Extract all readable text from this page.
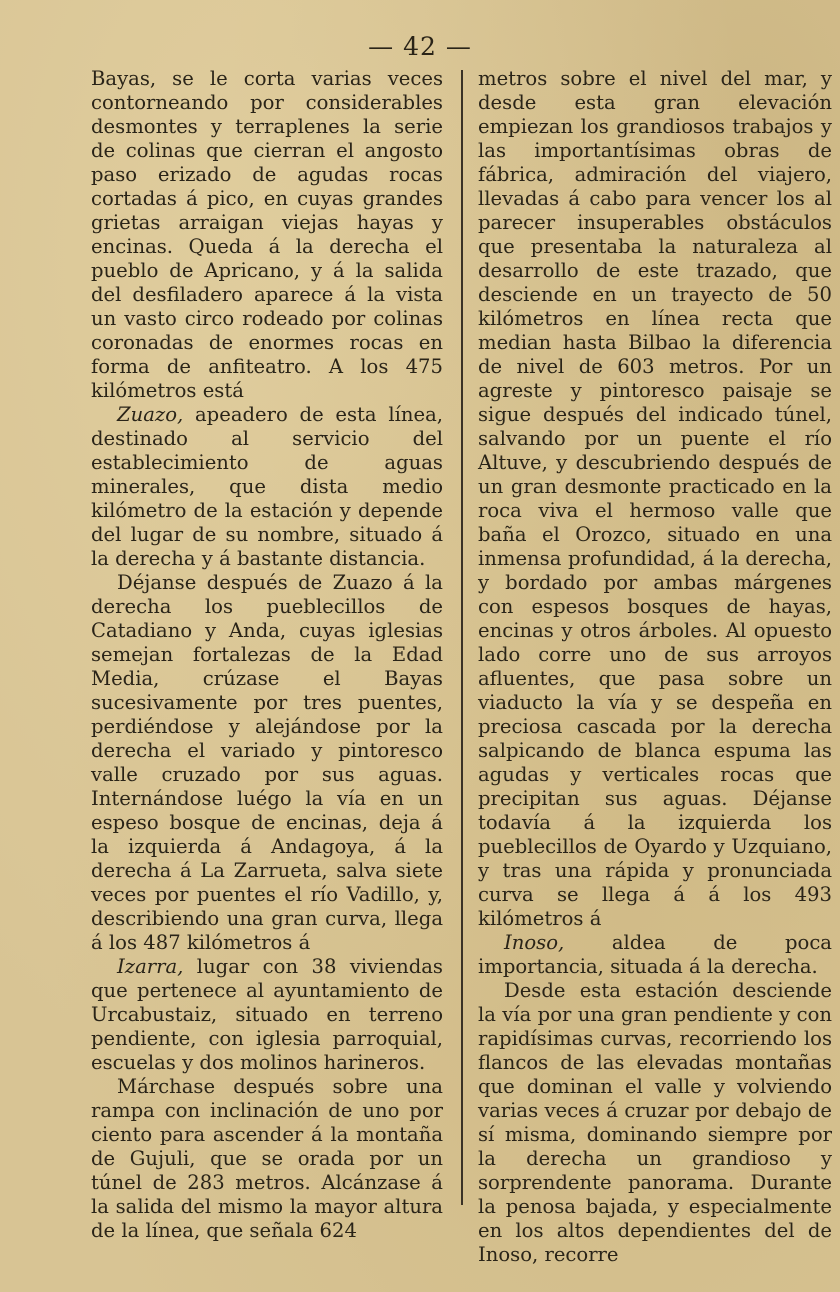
— 42 —

Bayas, se le corta varias veces contorneando por considerables desmontes y terraplenes la serie de colinas que cierran el angosto paso erizado de agudas rocas cortadas á pico, en cuyas grandes grietas arraigan viejas hayas y encinas. Queda á la derecha el pueblo de Apricano, y á la salida del desfiladero aparece á la vista un vasto circo rodeado por colinas coronadas de enormes rocas en forma de anfiteatro. A los 475 kilómetros está

Zuazo, apeadero de esta línea, destinado al servicio del establecimiento de aguas minerales, que dista medio kilómetro de la estación y depende del lugar de su nombre, situado á la derecha y á bastante distancia.

Déjanse después de Zuazo á la derecha los pueblecillos de Catadiano y Anda, cuyas iglesias semejan fortalezas de la Edad Media, crúzase el Bayas sucesivamente por tres puentes, perdiéndose y alejándose por la derecha el variado y pintoresco valle cruzado por sus aguas. Internándose luégo la vía en un espeso bosque de encinas, deja á la izquierda á Andagoya, á la derecha á La Zarrueta, salva siete veces por puentes el río Vadillo, y, describiendo una gran curva, llega á los 487 kilómetros á

Izarra, lugar con 38 viviendas que pertenece al ayuntamiento de Urcabustaiz, situado en terreno pendiente, con iglesia parroquial, escuelas y dos molinos harineros.

Márchase después sobre una rampa con inclinación de uno por ciento para ascender á la montaña de Gujuli, que se orada por un túnel de 283 metros. Alcánzase á la salida del mismo la mayor altura de la línea, que señala 624

metros sobre el nivel del mar, y desde esta gran elevación empiezan los grandiosos trabajos y las importantísimas obras de fábrica, admiración del viajero, llevadas á cabo para vencer los al parecer insuperables obstáculos que presentaba la naturaleza al desarrollo de este trazado, que desciende en un trayecto de 50 kilómetros en línea recta que median hasta Bilbao la diferencia de nivel de 603 metros. Por un agreste y pintoresco paisaje se sigue después del indicado túnel, salvando por un puente el río Altuve, y descubriendo después de un gran desmonte practicado en la roca viva el hermoso valle que baña el Orozco, situado en una inmensa profundidad, á la derecha, y bordado por ambas márgenes con espesos bosques de hayas, encinas y otros árboles. Al opuesto lado corre uno de sus arroyos afluentes, que pasa sobre un viaducto la vía y se despeña en preciosa cascada por la derecha salpicando de blanca espuma las agudas y verticales rocas que precipitan sus aguas. Déjanse todavía á la izquierda los pueblecillos de Oyardo y Uzquiano, y tras una rápida y pronunciada curva se llega á á los 493 kilómetros á

Inoso, aldea de poca importancia, situada á la derecha.

Desde esta estación desciende la vía por una gran pendiente y con rapidísimas curvas, recorriendo los flancos de las elevadas montañas que dominan el valle y volviendo varias veces á cruzar por debajo de sí misma, dominando siempre por la derecha un grandioso y sorprendente panorama. Durante la penosa bajada, y especialmente en los altos dependientes del de Inoso, recorre
